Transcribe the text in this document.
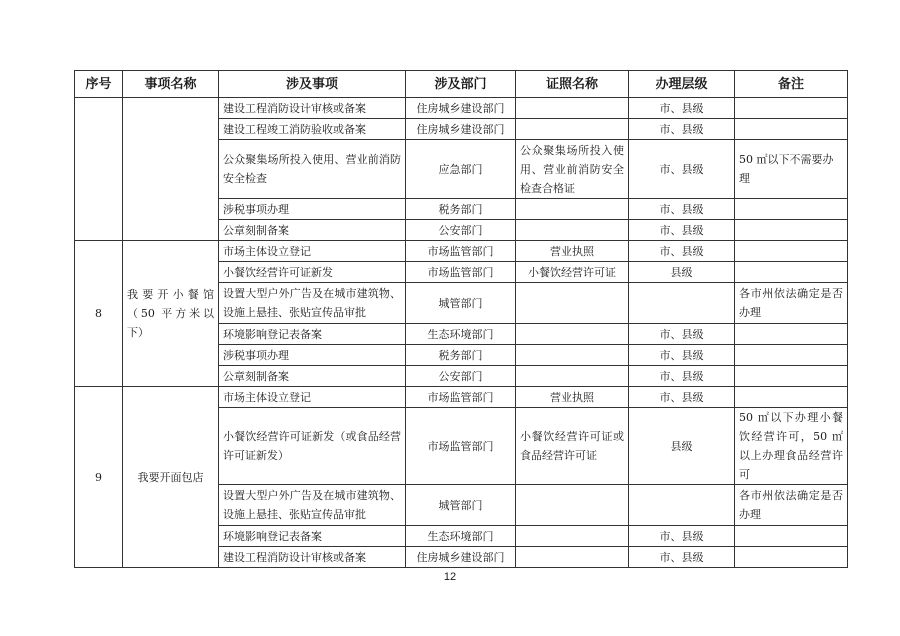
序号	事项名称	涉及事项	涉及部门	证照名称	办理层级	备注
		建设工程消防设计审核或备案	住房城乡建设部门		市、县级	
		建设工程竣工消防验收或备案	住房城乡建设部门		市、县级	
		公众聚集场所投入使用、营业前消防安全检查	应急部门	公众聚集场所投入使用、营业前消防安全检查合格证	市、县级	50 ㎡以下不需要办理
		涉税事项办理	税务部门		市、县级	
		公章刻制备案	公安部门		市、县级	
8	我要开小餐馆（50 平方米以下）	市场主体设立登记	市场监管部门	营业执照	市、县级	
		小餐饮经营许可证新发	市场监管部门	小餐饮经营许可证	县级	
		设置大型户外广告及在城市建筑物、设施上悬挂、张贴宣传品审批	城管部门			各市州依法确定是否办理
		环境影响登记表备案	生态环境部门		市、县级	
		涉税事项办理	税务部门		市、县级	
		公章刻制备案	公安部门		市、县级	
9	我要开面包店	市场主体设立登记	市场监管部门	营业执照	市、县级	
		小餐饮经营许可证新发（或食品经营许可证新发）	市场监管部门	小餐饮经营许可证或食品经营许可证	县级	50 ㎡以下办理小餐饮经营许可，50 ㎡以上办理食品经营许可
		设置大型户外广告及在城市建筑物、设施上悬挂、张贴宣传品审批	城管部门			各市州依法确定是否办理
		环境影响登记表备案	生态环境部门		市、县级	
		建设工程消防设计审核或备案	住房城乡建设部门		市、县级	
12
